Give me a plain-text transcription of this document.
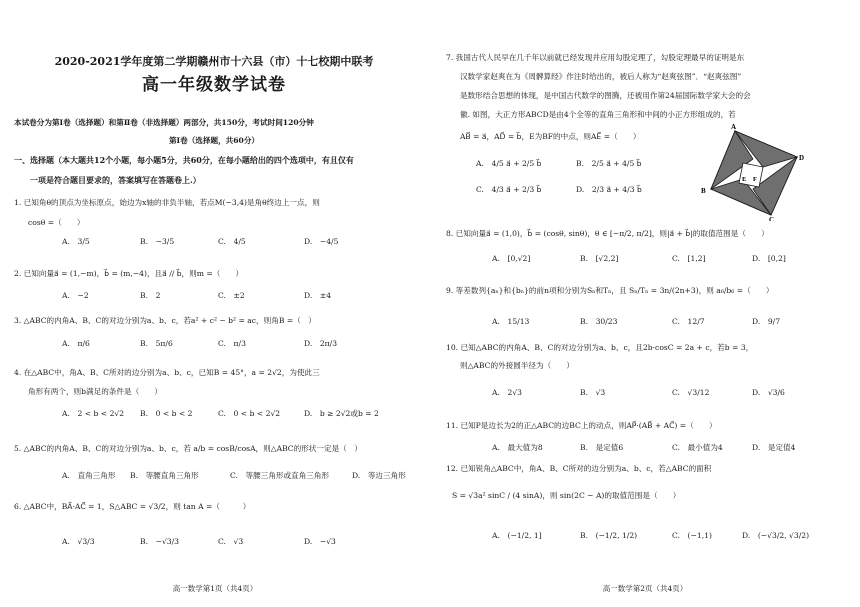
2020-2021学年度第二学期赣州市十六县（市）十七校期中联考
高一年级数学试卷
本试卷分为第Ⅰ卷（选择题）和第Ⅱ卷（非选择题）两部分，共150分，考试时间120分钟
第Ⅰ卷（选择题，共60分）
一、选择题（本大题共12个小题，每小题5分，共60分，在每小题给出的四个选项中，有且仅有
一项是符合题目要求的，答案填写在答题卷上.）
1. 已知角θ的顶点为坐标原点，始边为x轴的非负半轴，若点M(−3,4)是角θ终边上一点，则
cosθ =（　　）
A.　3/5	B.　−3/5	C.　4/5	D.　−4/5
2. 已知向量a⃗ = (1,−m)，b⃗ = (m,−4)，且a⃗ // b⃗，则m =（　　）
A.　−2	B.　2	C.　±2	D.　±4
3. △ABC的内角A、B、C的对边分别为a、b、c，若a² + c² − b² = ac，则角B =（　）
A.　π/6	B.　5π/6	C.　π/3	D.　2π/3
4. 在△ABC中，角A、B、C所对的边分别为a、b、c，已知B = 45°，a = 2√2，为使此三
角形有两个，则b满足的条件是（　　）
A.　2 < b < 2√2 B.　0 < b < 2	C.　0 < b < 2√2	D.　b ≥ 2√2或b = 2
5. △ABC的内角A、B、C的对边分别为a、b、c，若 a/b = cosB/cosA，则△ABC的形状一定是（　）
A.　直角三角形 B.　等腰直角三角形	C.　等腰三角形或直角三角形	D.　等边三角形
6. △ABC中，BA⃗·AC⃗ = 1，S△ABC = √3/2，则 tan A =（　　　）
A.　√3/3	B.　−√3/3	C.　√3	D.　−√3
高一数学第1页（共4页）
7. 我国古代人民早在几千年以前就已经发现并应用勾股定理了，勾股定理最早的证明是东
汉数学家赵爽在为《周髀算经》作注时给出的，被后人称为“赵爽弦图”．“赵爽弦图”
是数形结合思想的体现，是中国古代数学的图腾，还被用作第24届国际数学家大会的会
徽. 如图，大正方形ABCD是由4个全等的直角三角形和中间的小正方形组成的，若
AB⃗ = a⃗，AD⃗ = b⃗，E为BF的中点，则AE⃗ =（　　）
A.　4/5 a⃗ + 2/5 b⃗	B.　2/5 a⃗ + 4/5 b⃗
C.　4/3 a⃗ + 2/3 b⃗	D.　2/3 a⃗ + 4/3 b⃗
8. 已知向量a⃗ = (1,0)，b⃗ = (cosθ, sinθ)，θ ∈ [−π/2, π/2]，则|a⃗ + b⃗|的取值范围是（　　）
A.　[0,√2]	B.　[√2,2]	C.　[1,2]	D.　[0,2]
9. 等差数列{aₙ}和{bₙ}的前n项和分别为Sₙ和Tₙ，且 Sₙ/Tₙ = 3n/(2n+3)，则 a₆/b₆ =（　　）
A.　15/13	B.　30/23	C.　12/7	D.　9/7
10. 已知△ABC的内角A、B、C的对边分别为a、b、c，且2b·cosC = 2a + c，若b = 3，
则△ABC的外接圆半径为（　　）
A.　2√3	B.　√3	C.　√3/12	D.　√3/6
11. 已知P是边长为2的正△ABC的边BC上的动点，则AP⃗·(AB⃗ + AC⃗) =（　　）
A.　最大值为8	B.　是定值6	C.　最小值为4	D.　是定值4
12. 已知锐角△ABC中，角A、B、C所对的边分别为a、b、c，若△ABC的面积
S = √3a² sinC / (4 sinA)，则 sin(2C − A)的取值范围是（　　）
A.　(−1/2, 1]	B.　(−1/2, 1/2)	C.　(−1,1)	D.　(−√3/2, √3/2)
高一数学第2页（共4页）
A
B
C
D
E F
